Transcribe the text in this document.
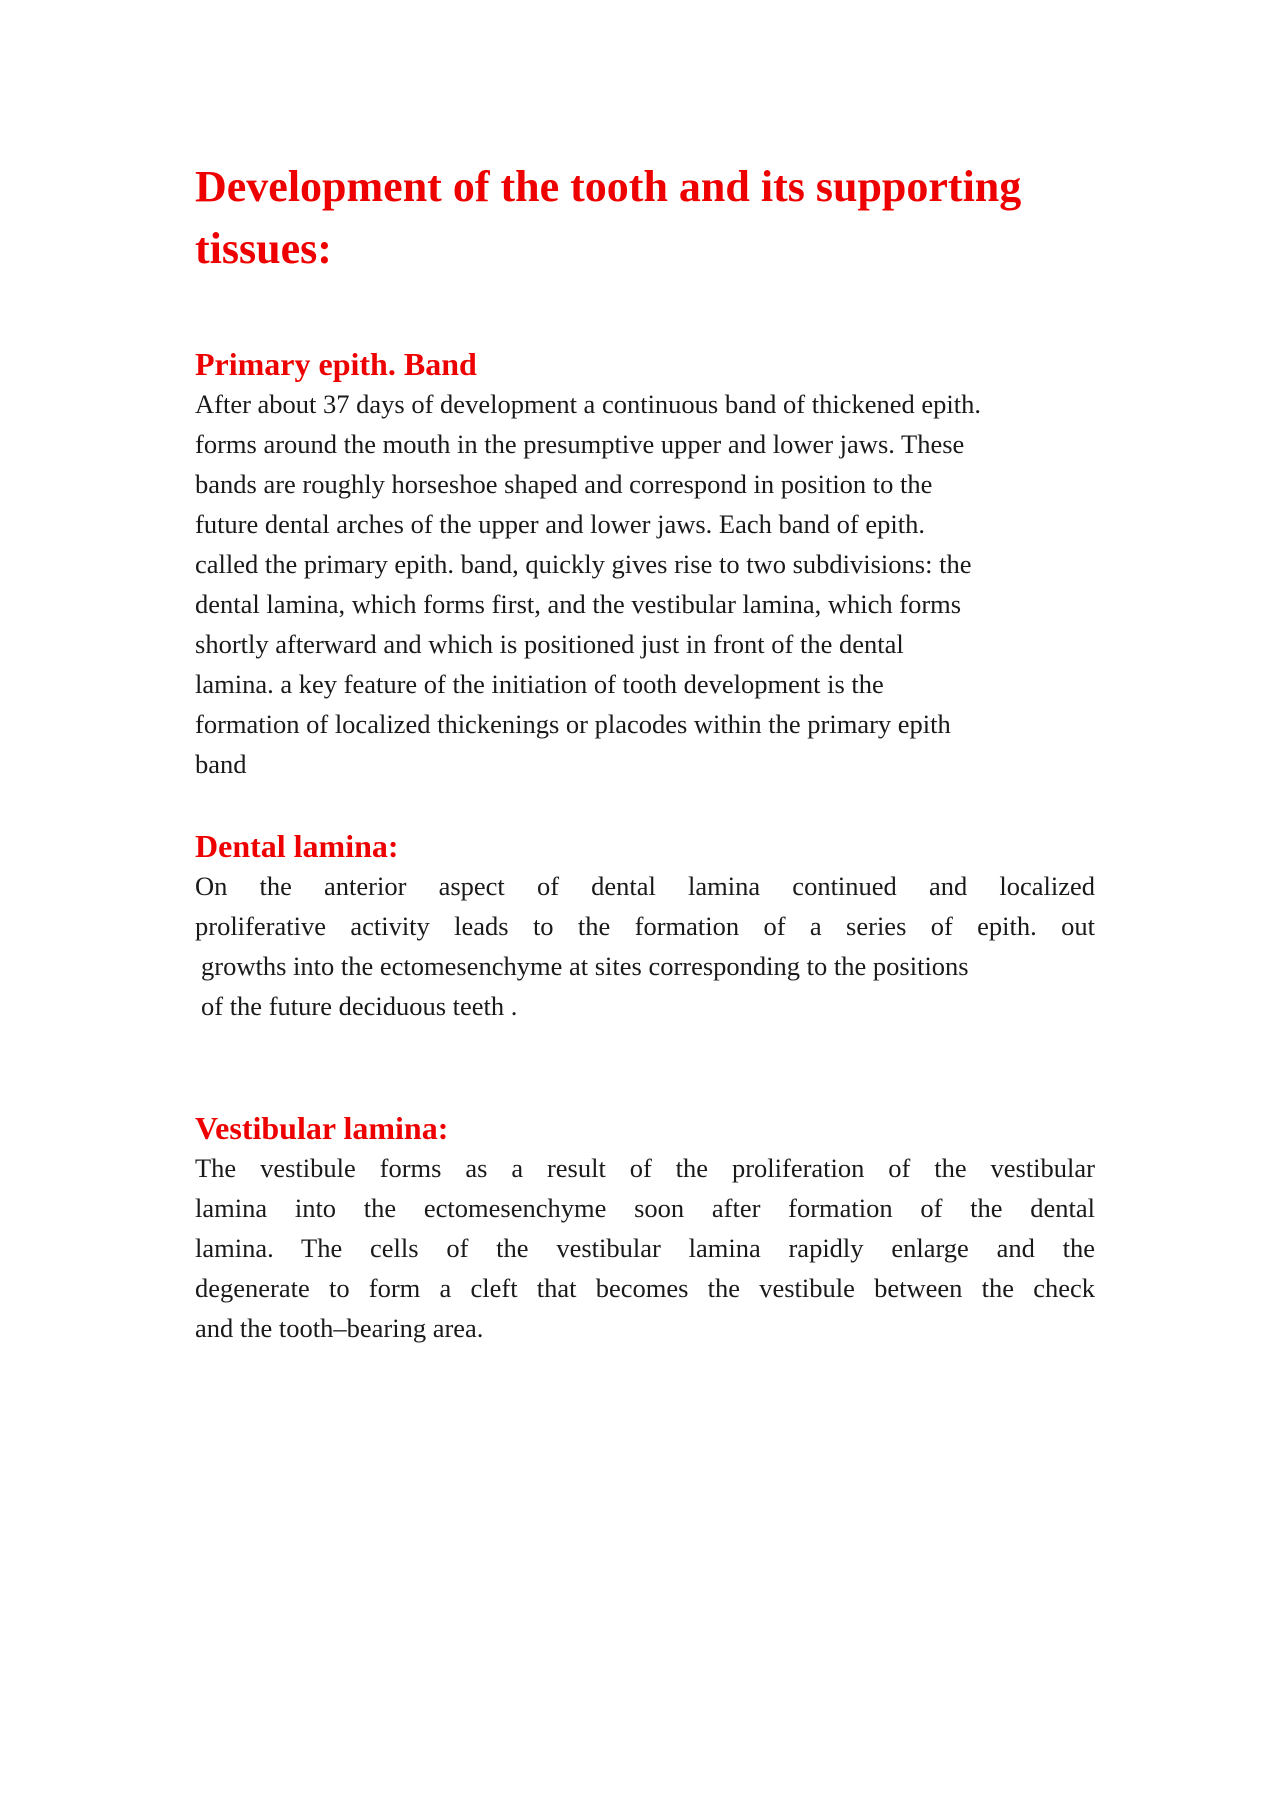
Development of the tooth and its supporting
tissues:
Primary epith. Band

After about 37 days of development a continuous band of thickened epith.

forms around the mouth in the presumptive upper and lower jaws. These

bands are roughly horseshoe shaped and correspond in position to the

future dental arches of the upper and lower jaws. Each band of epith.

called the primary epith. band, quickly gives rise to two subdivisions: the

dental lamina, which forms first, and the vestibular lamina, which forms

shortly afterward and which is positioned just in front of the dental

lamina. a key feature of the initiation of tooth development is the

formation of localized thickenings or placodes within the primary epith

band

Dental lamina:

On the anterior aspect of dental lamina continued and localized

proliferative activity leads to the formation of a series of epith. out

growths into the ectomesenchyme at sites corresponding to the positions

of the future deciduous teeth .

Vestibular lamina:

The vestibule forms as a result of the proliferation of the vestibular

lamina into the ectomesenchyme soon after formation of the dental

lamina. The cells of the vestibular lamina rapidly enlarge and the

degenerate to form a cleft that becomes the vestibule between the check

and the tooth–bearing area.
